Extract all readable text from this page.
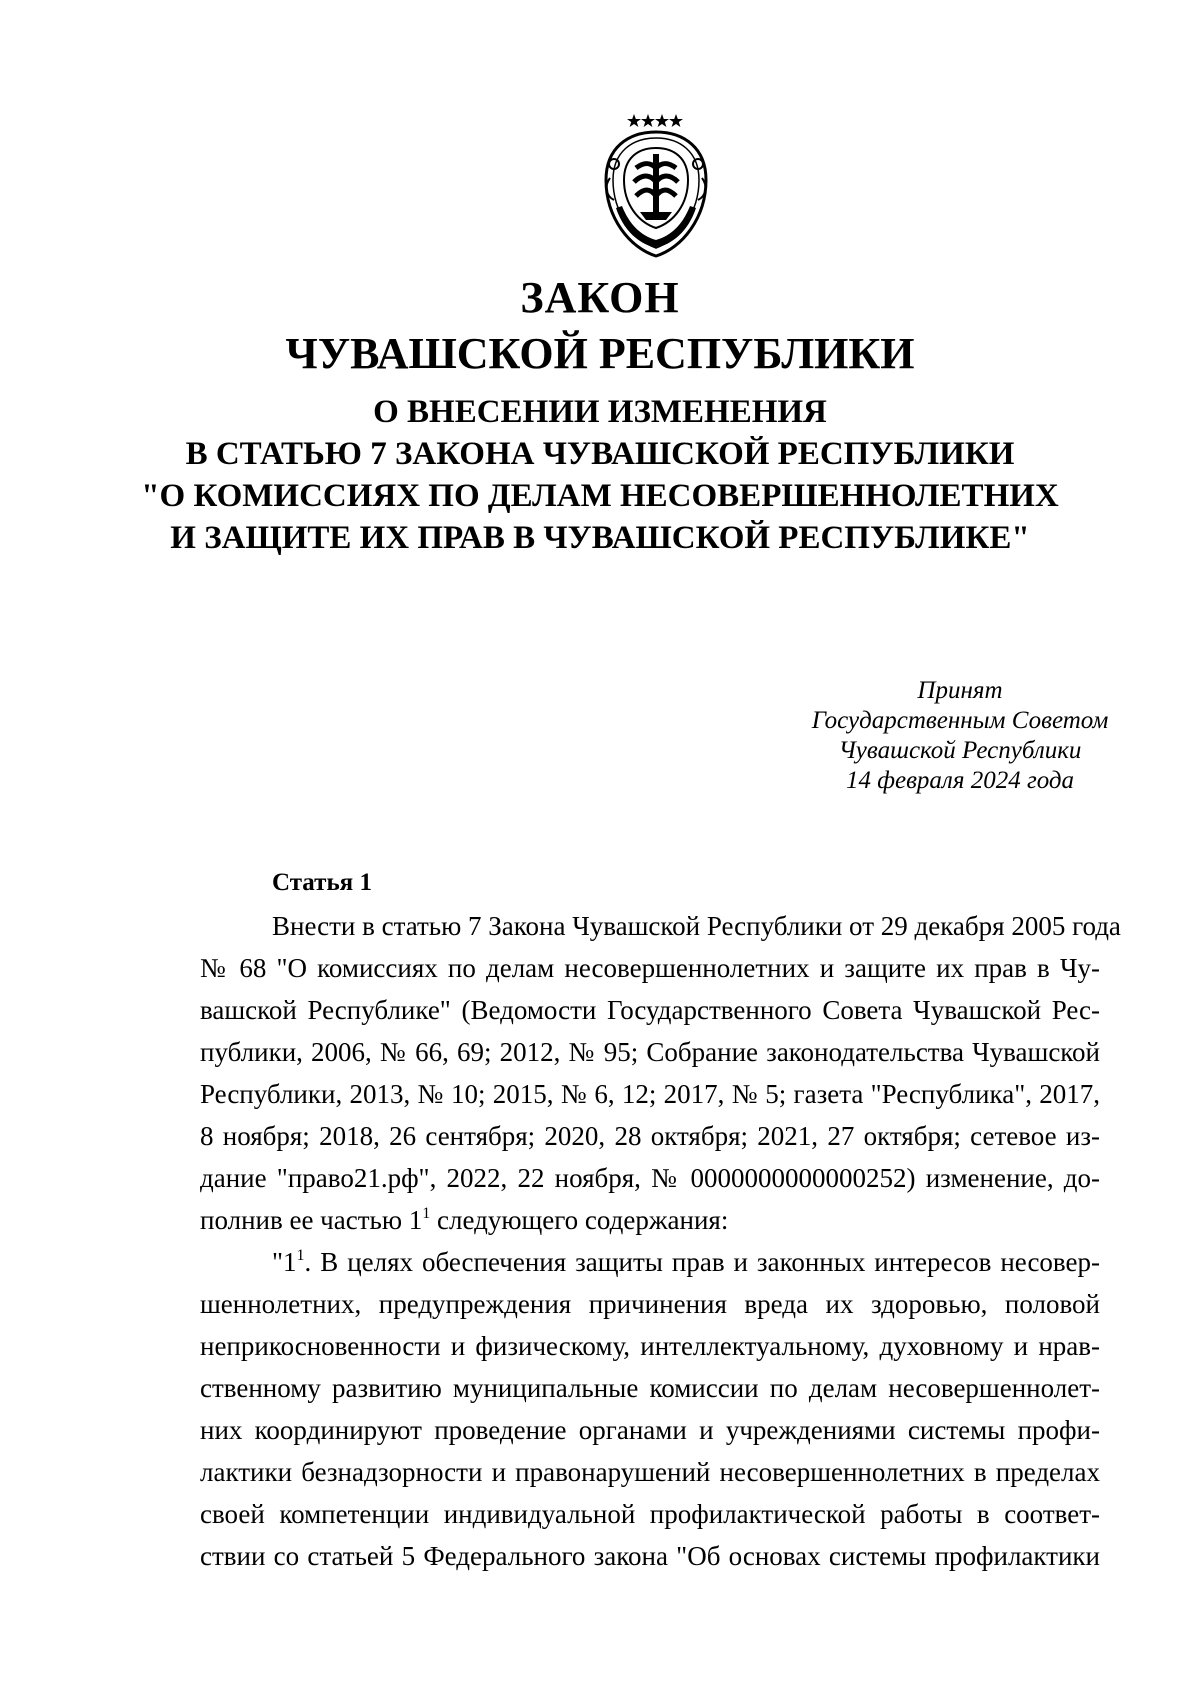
ЗАКОН
ЧУВАШСКОЙ РЕСПУБЛИКИ
О ВНЕСЕНИИ ИЗМЕНЕНИЯ
В СТАТЬЮ 7 ЗАКОНА ЧУВАШСКОЙ РЕСПУБЛИКИ
"О КОМИССИЯХ ПО ДЕЛАМ НЕСОВЕРШЕННОЛЕТНИХ
И ЗАЩИТЕ ИХ ПРАВ В ЧУВАШСКОЙ РЕСПУБЛИКЕ"
Принят
Государственным Советом
Чувашской Республики
14 февраля 2024 года
Статья 1
Внести в статью 7 Закона Чувашской Республики от 29 декабря 2005 года
№ 68 "О комиссиях по делам несовершеннолетних и защите их прав в Чу-
вашской Республике" (Ведомости Государственного Совета Чувашской Рес-
публики, 2006, № 66, 69; 2012, № 95; Собрание законодательства Чувашской
Республики, 2013, № 10; 2015, № 6, 12; 2017, № 5; газета "Республика", 2017,
8 ноября; 2018, 26 сентября; 2020, 28 октября; 2021, 27 октября; сетевое из-
дание "право21.рф", 2022, 22 ноября, № 0000000000000252) изменение, до-
полнив ее частью $1^1$ следующего содержания:
"$1^1$. В целях обеспечения защиты прав и законных интересов несовер-
шеннолетних, предупреждения причинения вреда их здоровью, половой
неприкосновенности и физическому, интеллектуальному, духовному и нрав-
ственному развитию муниципальные комиссии по делам несовершеннолет-
них координируют проведение органами и учреждениями системы профи-
лактики безнадзорности и правонарушений несовершеннолетних в пределах
своей компетенции индивидуальной профилактической работы в соответ-
ствии со статьей 5 Федерального закона "Об основах системы профилактики
